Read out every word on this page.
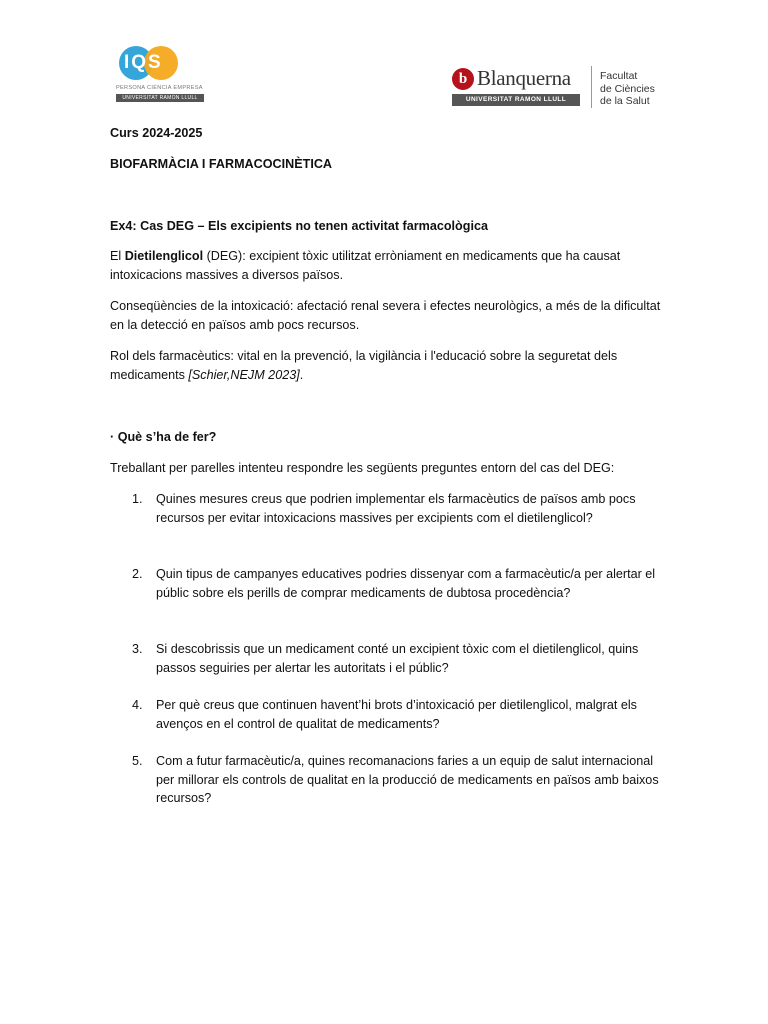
IQS
PERSONA CIÈNCIA EMPRESA
UNIVERSITAT RAMON LLULL
b Blanquerna
UNIVERSITAT RAMON LLULL
Facultat
de Ciències
de la Salut

Curs 2024-2025

BIOFARMÀCIA I FARMACOCINÈTICA

Ex4: Cas DEG – Els excipients no tenen activitat farmacològica

El Dietilenglicol (DEG): excipient tòxic utilitzat erròniament en medicaments que ha causat intoxicacions massives a diversos països.

Conseqüències de la intoxicació: afectació renal severa i efectes neurològics, a més de la dificultat en la detecció en països amb pocs recursos.

Rol dels farmacèutics: vital en la prevenció, la vigilància i l'educació sobre la seguretat dels medicaments [Schier,NEJM 2023].

· Què s’ha de fer?

Treballant per parelles intenteu respondre les següents preguntes entorn del cas del DEG:

1. Quines mesures creus que podrien implementar els farmacèutics de països amb pocs recursos per evitar intoxicacions massives per excipients com el dietilenglicol?
2. Quin tipus de campanyes educatives podries dissenyar com a farmacèutic/a per alertar el públic sobre els perills de comprar medicaments de dubtosa procedència?
3. Si descobrissis que un medicament conté un excipient tòxic com el dietilenglicol, quins passos seguiries per alertar les autoritats i el públic?
4. Per què creus que continuen havent’hi brots d’intoxicació per dietilenglicol, malgrat els avenços en el control de qualitat de medicaments?
5. Com a futur farmacèutic/a, quines recomanacions faries a un equip de salut internacional per millorar els controls de qualitat en la producció de medicaments en països amb baixos recursos?
